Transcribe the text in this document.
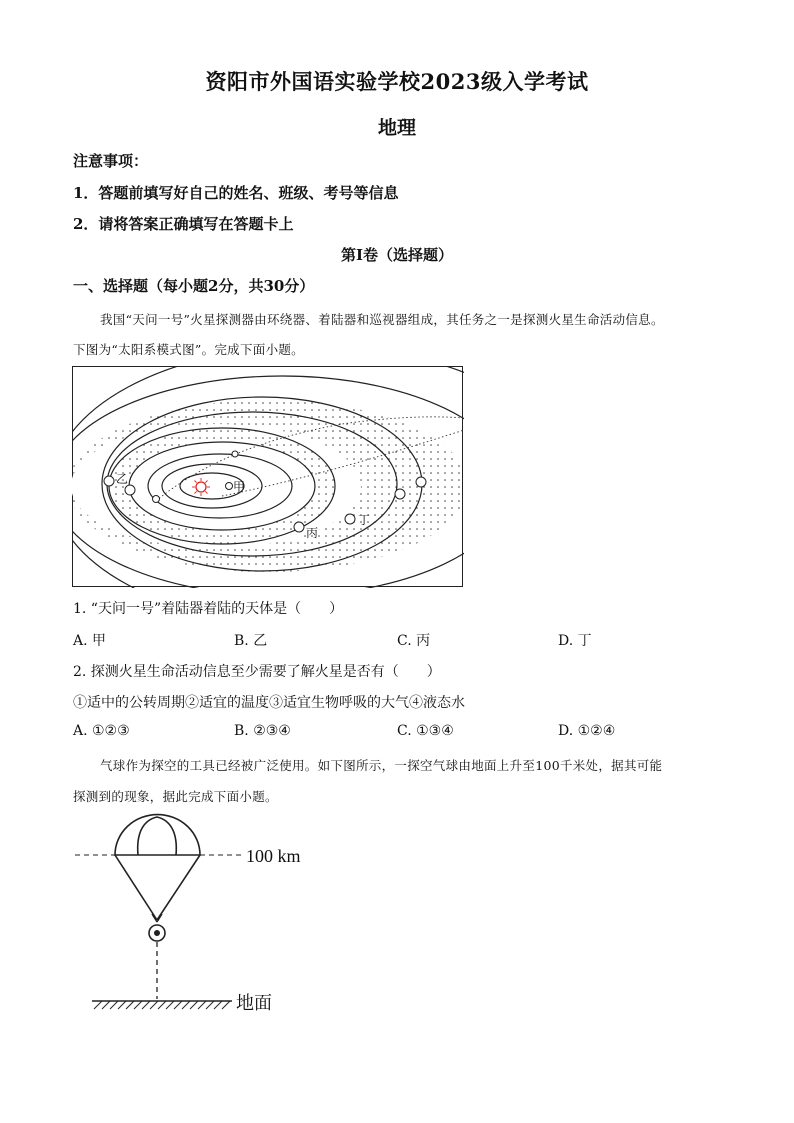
资阳市外国语实验学校2023级入学考试
地理
注意事项：
1．答题前填写好自己的姓名、班级、考号等信息
2．请将答案正确填写在答题卡上
第Ⅰ卷（选择题）
一、选择题（每小题2分，共30分）
我国“天问一号”火星探测器由环绕器、着陆器和巡视器组成，其任务之一是探测火星生命活动信息。
下图为“太阳系模式图”。完成下面小题。
甲
乙
丙
丁
1. “天问一号”着陆器着陆的天体是（　　）
A. 甲	B. 乙	C. 丙	D. 丁
2. 探测火星生命活动信息至少需要了解火星是否有（　　）
①适中的公转周期②适宜的温度③适宜生物呼吸的大气④液态水
A. ①②③	B. ②③④	C. ①③④	D. ①②④
气球作为探空的工具已经被广泛使用。如下图所示，一探空气球由地面上升至100千米处，据其可能
探测到的现象，据此完成下面小题。
100 km
地面
